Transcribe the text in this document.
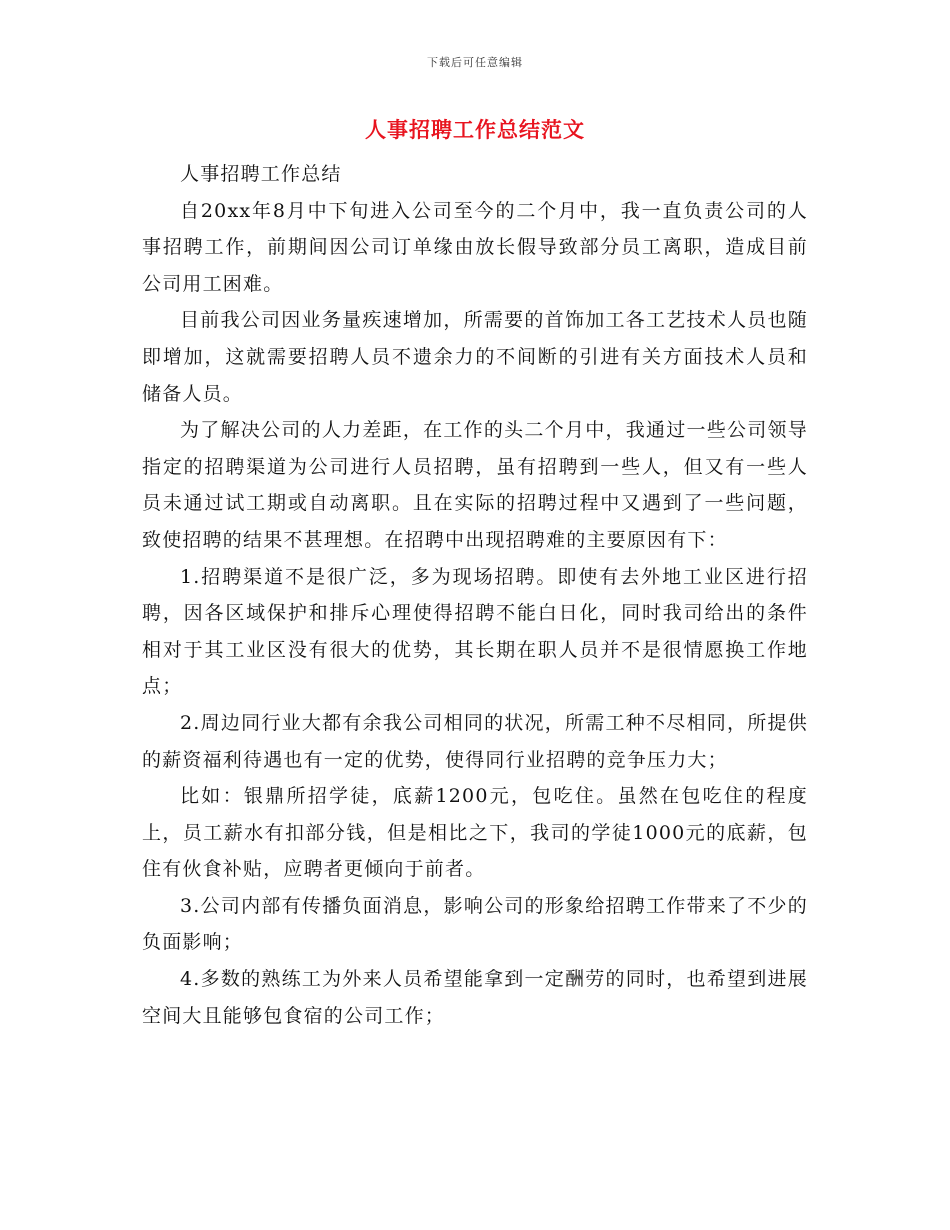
下载后可任意编辑
人事招聘工作总结范文

人事招聘工作总结

自20xx年8月中下旬进入公司至今的二个月中，我一直负责公司的人事招聘工作，前期间因公司订单缘由放长假导致部分员工离职，造成目前公司用工困难。

目前我公司因业务量疾速增加，所需要的首饰加工各工艺技术人员也随即增加，这就需要招聘人员不遗余力的不间断的引进有关方面技术人员和储备人员。

为了解决公司的人力差距，在工作的头二个月中，我通过一些公司领导指定的招聘渠道为公司进行人员招聘，虽有招聘到一些人，但又有一些人员未通过试工期或自动离职。且在实际的招聘过程中又遇到了一些问题，致使招聘的结果不甚理想。在招聘中出现招聘难的主要原因有下：

1.招聘渠道不是很广泛，多为现场招聘。即使有去外地工业区进行招聘，因各区域保护和排斥心理使得招聘不能白日化，同时我司给出的条件相对于其工业区没有很大的优势，其长期在职人员并不是很情愿换工作地点；

2.周边同行业大都有余我公司相同的状况，所需工种不尽相同，所提供的薪资福利待遇也有一定的优势，使得同行业招聘的竞争压力大；

比如：银鼎所招学徒，底薪1200元，包吃住。虽然在包吃住的程度上，员工薪水有扣部分钱，但是相比之下，我司的学徒1000元的底薪，包住有伙食补贴，应聘者更倾向于前者。

3.公司内部有传播负面消息，影响公司的形象给招聘工作带来了不少的负面影响；

4.多数的熟练工为外来人员希望能拿到一定酬劳的同时，也希望到进展空间大且能够包食宿的公司工作；
